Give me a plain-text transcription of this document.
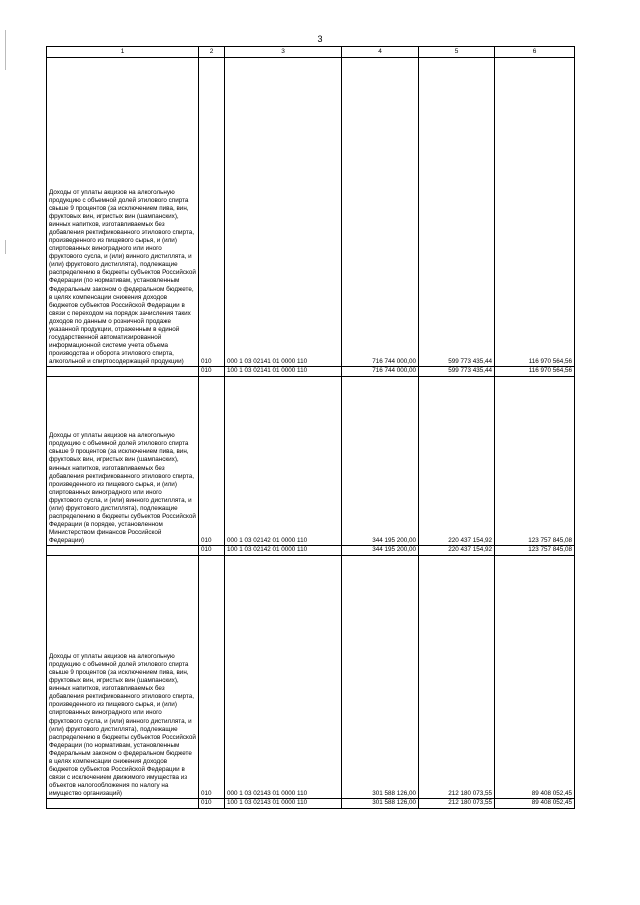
3
1	2	3	4	5	6
Доходы от уплаты акцизов на алкогольную продукцию с объемной долей этилового спирта свыше 9 процентов (за исключением пива, вин, фруктовых вин, игристых вин (шампанских), винных напитков, изготавливаемых без добавления ректификованного этилового спирта, произведенного из пищевого сырья, и (или) спиртованных виноградного или иного фруктового сусла, и (или) винного дистиллята, и (или) фруктового дистиллята), подлежащие распределению в бюджеты субъектов Российской Федерации (по нормативам, установленным Федеральным законом о федеральном бюджете, в целях компенсации снижения доходов бюджетов субъектов Российской Федерации в связи с переходом на порядок зачисления таких доходов по данным о розничной продаже указанной продукции, отраженным в единой государственной автоматизированной информационной системе учета объема производства и оборота этилового спирта, алкогольной и спиртосодержащей продукции)	010	000 1 03 02141 01 0000 110	716 744 000,00	599 773 435,44	116 970 564,56
	010	100 1 03 02141 01 0000 110	716 744 000,00	599 773 435,44	116 970 564,56
Доходы от уплаты акцизов на алкогольную продукцию с объемной долей этилового спирта свыше 9 процентов (за исключением пива, вин, фруктовых вин, игристых вин (шампанских), винных напитков, изготавливаемых без добавления ректификованного этилового спирта, произведенного из пищевого сырья, и (или) спиртованных виноградного или иного фруктового сусла, и (или) винного дистиллята, и (или) фруктового дистиллята), подлежащие распределению в бюджеты субъектов Российской Федерации (в порядке, установленном Министерством финансов Российской Федерации)	010	000 1 03 02142 01 0000 110	344 195 200,00	220 437 154,92	123 757 845,08
	010	100 1 03 02142 01 0000 110	344 195 200,00	220 437 154,92	123 757 845,08
Доходы от уплаты акцизов на алкогольную продукцию с объемной долей этилового спирта свыше 9 процентов (за исключением пива, вин, фруктовых вин, игристых вин (шампанских), винных напитков, изготавливаемых без добавления ректификованного этилового спирта, произведенного из пищевого сырья, и (или) спиртованных виноградного или иного фруктового сусла, и (или) винного дистиллята, и (или) фруктового дистиллята), подлежащие распределению в бюджеты субъектов Российской Федерации (по нормативам, установленным Федеральным законом о федеральном бюджете в целях компенсации снижения доходов бюджетов субъектов Российской Федерации в связи с исключением движимого имущества из объектов налогообложения по налогу на имущество организаций)	010	000 1 03 02143 01 0000 110	301 588 126,00	212 180 073,55	89 408 052,45
	010	100 1 03 02143 01 0000 110	301 588 126,00	212 180 073,55	89 408 052,45
